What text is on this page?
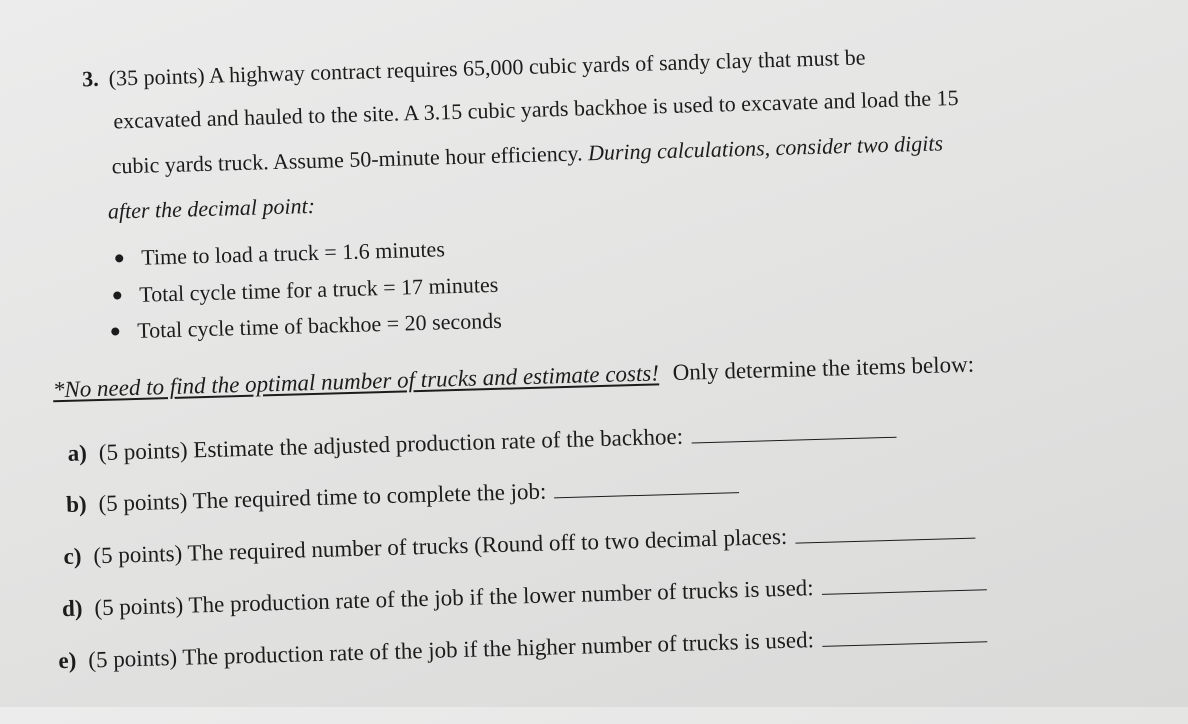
3. (35 points) A highway contract requires 65,000 cubic yards of sandy clay that must be
excavated and hauled to the site. A 3.15 cubic yards backhoe is used to excavate and load the 15
cubic yards truck. Assume 50-minute hour efficiency. During calculations, consider two digits
after the decimal point:
Time to load a truck = 1.6 minutes
Total cycle time for a truck = 17 minutes
Total cycle time of backhoe = 20 seconds
*No need to find the optimal number of trucks and estimate costs! Only determine the items below:
a) (5 points) Estimate the adjusted production rate of the backhoe:
b) (5 points) The required time to complete the job:
c) (5 points) The required number of trucks (Round off to two decimal places:
d) (5 points) The production rate of the job if the lower number of trucks is used:
e) (5 points) The production rate of the job if the higher number of trucks is used:
